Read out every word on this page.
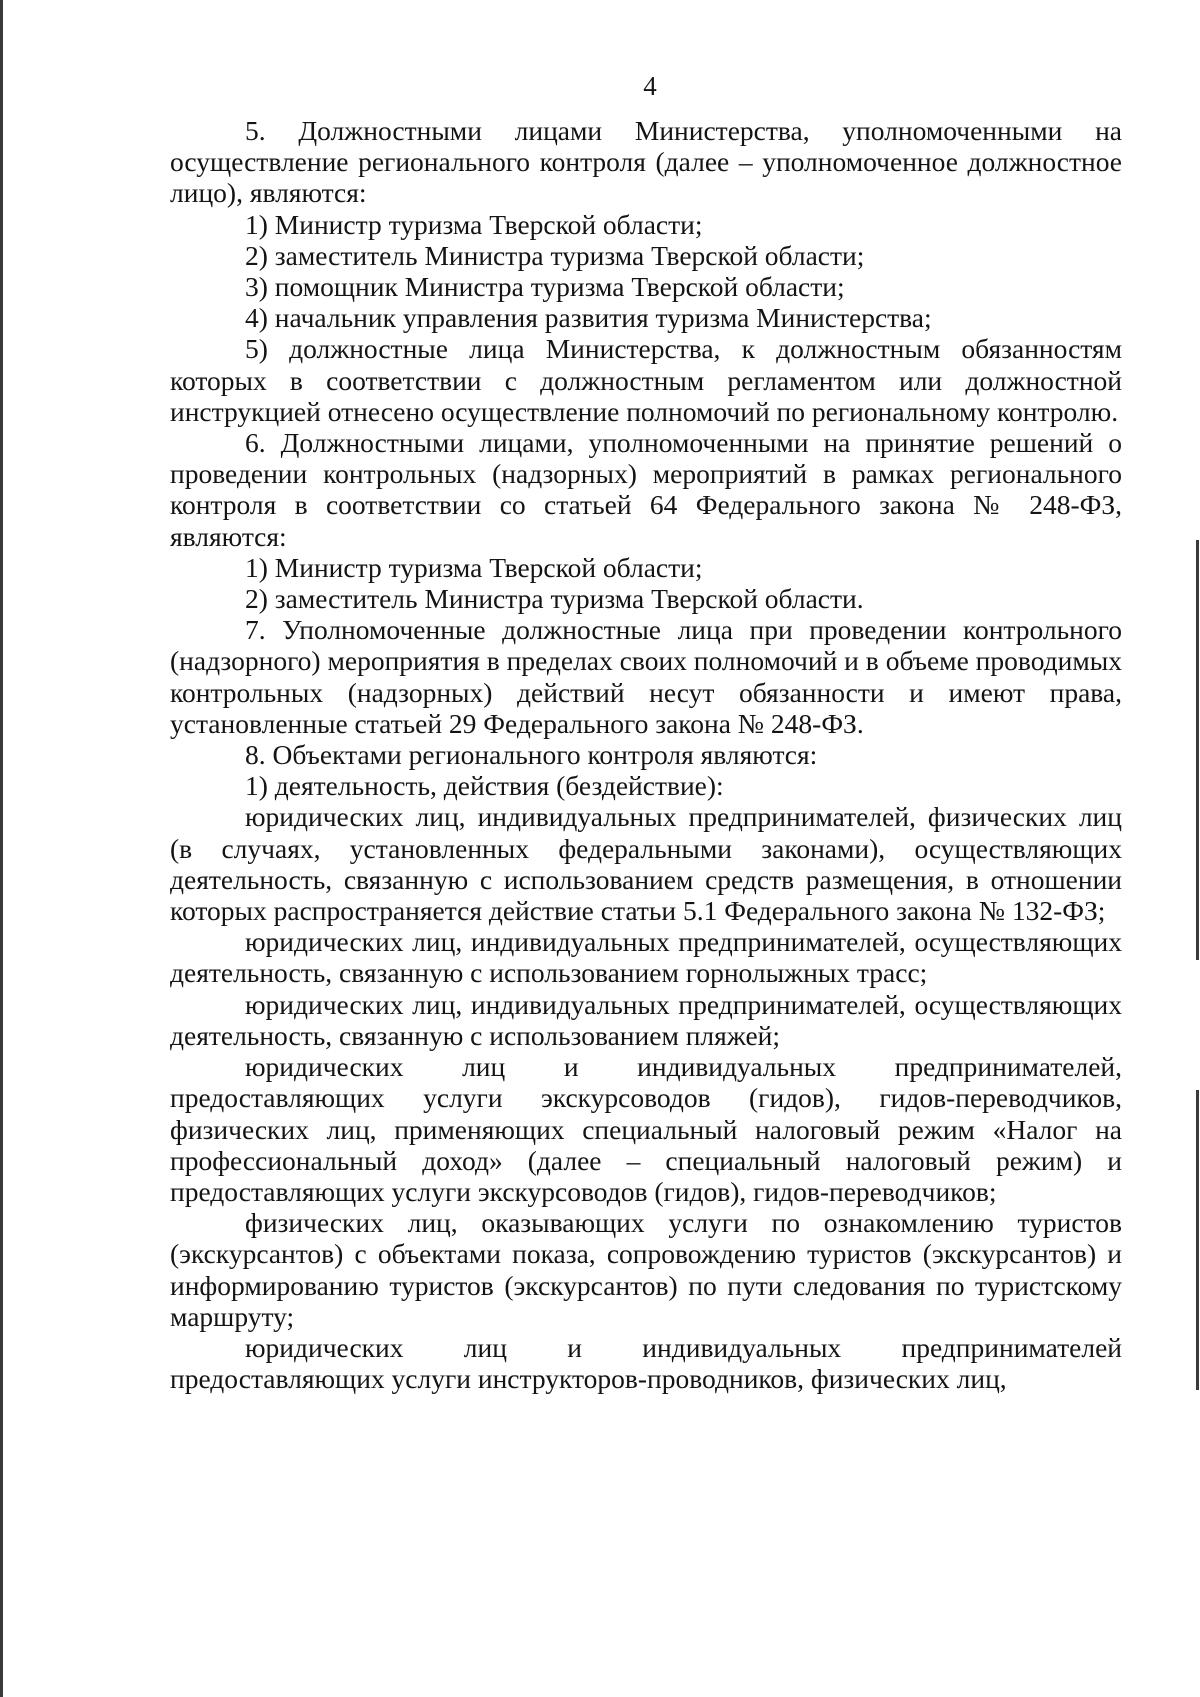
4

5. Должностными лицами Министерства, уполномоченными на осуществление регионального контроля (далее – уполномоченное должностное лицо), являются:

1) Министр туризма Тверской области;

2) заместитель Министра туризма Тверской области;

3) помощник Министра туризма Тверской области;

4) начальник управления развития туризма Министерства;

5) должностные лица Министерства, к должностным обязанностям которых в соответствии с должностным регламентом или должностной инструкцией отнесено осуществление полномочий по региональному контролю.

6. Должностными лицами, уполномоченными на принятие решений о проведении контрольных (надзорных) мероприятий в рамках регионального контроля в соответствии со статьей 64 Федерального закона № 248-ФЗ, являются:

1) Министр туризма Тверской области;

2) заместитель Министра туризма Тверской области.

7. Уполномоченные должностные лица при проведении контрольного (надзорного) мероприятия в пределах своих полномочий и в объеме проводимых контрольных (надзорных) действий несут обязанности и имеют права, установленные статьей 29 Федерального закона № 248-ФЗ.

8. Объектами регионального контроля являются:

1) деятельность, действия (бездействие):

юридических лиц, индивидуальных предпринимателей, физических лиц (в случаях, установленных федеральными законами), осуществляющих деятельность, связанную с использованием средств размещения, в отношении которых распространяется действие статьи 5.1 Федерального закона № 132-ФЗ;

юридических лиц, индивидуальных предпринимателей, осуществляющих деятельность, связанную с использованием горнолыжных трасс;

юридических лиц, индивидуальных предпринимателей, осуществляющих деятельность, связанную с использованием пляжей;

юридических лиц и индивидуальных предпринимателей, предоставляющих услуги экскурсоводов (гидов), гидов-переводчиков, физических лиц, применяющих специальный налоговый режим «Налог на профессиональный доход» (далее – специальный налоговый режим) и предоставляющих услуги экскурсоводов (гидов), гидов-переводчиков;

физических лиц, оказывающих услуги по ознакомлению туристов (экскурсантов) с объектами показа, сопровождению туристов (экскурсантов) и информированию туристов (экскурсантов) по пути следования по туристскому маршруту;

юридических лиц и индивидуальных предпринимателей предоставляющих услуги инструкторов-проводников, физических лиц,
